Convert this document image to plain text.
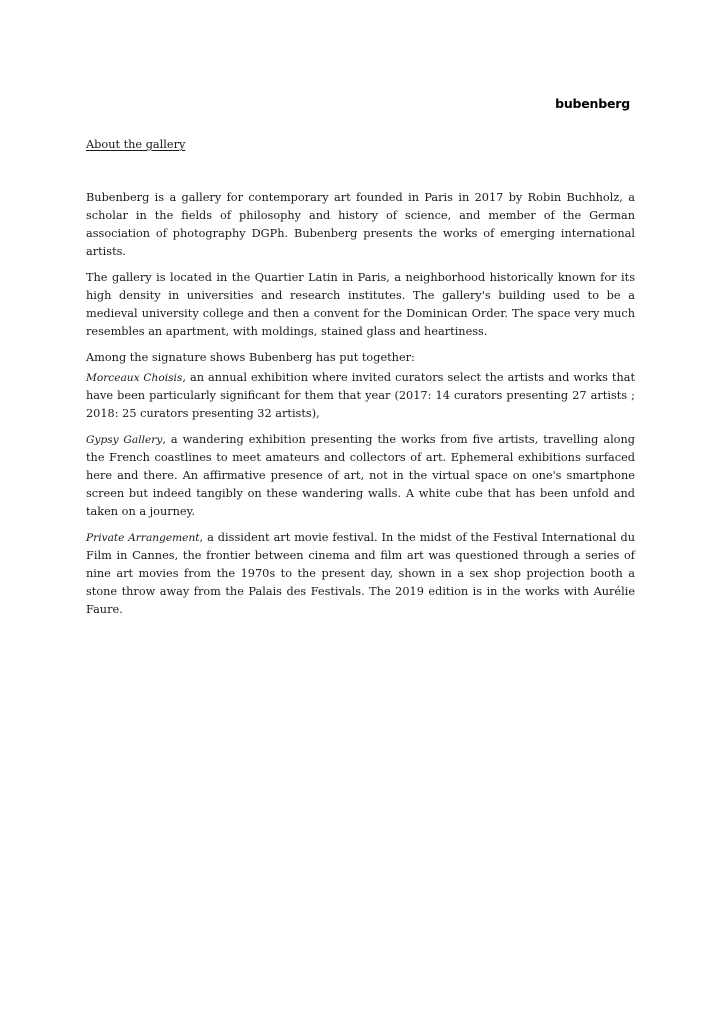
bubenberg
About the gallery

Bubenberg is a gallery for contemporary art founded in Paris in 2017 by Robin Buchholz, a scholar in the fields of philosophy and history of science, and member of the German association of photography DGPh. Bubenberg presents the works of emerging international artists.

The gallery is located in the Quartier Latin in Paris, a neighborhood historically known for its high density in universities and research institutes. The gallery's building used to be a medieval university college and then a convent for the Dominican Order. The space very much resembles an apartment, with moldings, stained glass and heartiness.

Among the signature shows Bubenberg has put together:

Morceaux Choisis, an annual exhibition where invited curators select the artists and works that have been particularly significant for them that year (2017: 14 curators presenting 27 artists ; 2018: 25 curators presenting 32 artists),

Gypsy Gallery, a wandering exhibition presenting the works from five artists, travelling along the French coastlines to meet amateurs and collectors of art. Ephemeral exhibitions surfaced here and there. An affirmative presence of art, not in the virtual space on one's smartphone screen but indeed tangibly on these wandering walls. A white cube that has been unfold and taken on a journey.

Private Arrangement, a dissident art movie festival. In the midst of the Festival International du Film in Cannes, the frontier between cinema and film art was questioned through a series of nine art movies from the 1970s to the present day, shown in a sex shop projection booth a stone throw away from the Palais des Festivals. The 2019 edition is in the works with Aurélie Faure.
